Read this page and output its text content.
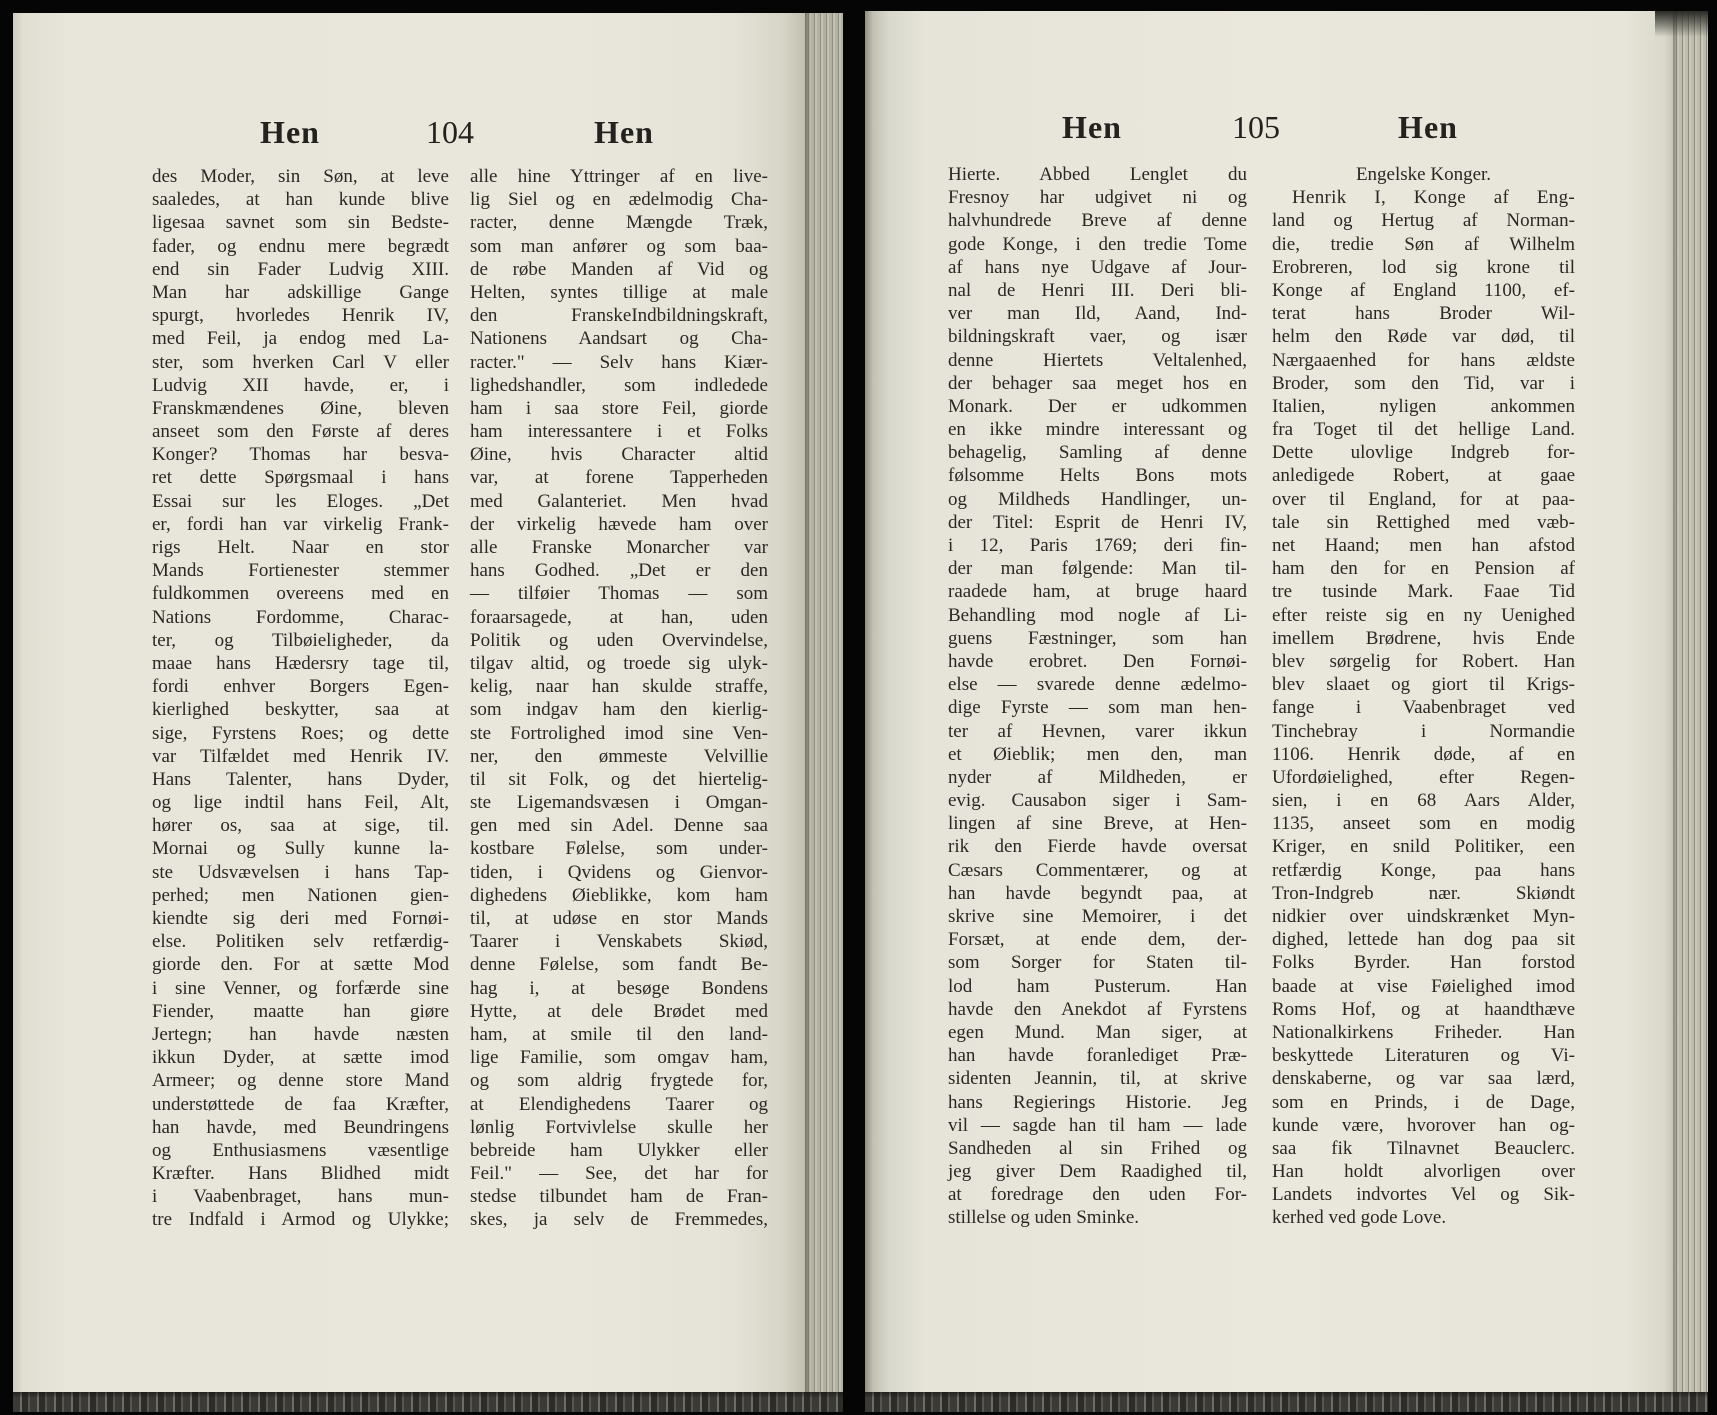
Hen	104	Hen
des Moder, sin Søn, at leve
saaledes, at han kunde blive
ligesaa savnet som sin Bedste-
fader, og endnu mere begrædt
end sin Fader Ludvig XIII.
Man har adskillige Gange
spurgt, hvorledes Henrik IV,
med Feil, ja endog med La-
ster, som hverken Carl V eller
Ludvig XII havde, er, i
Franskmændenes Øine, bleven
anseet som den Første af deres
Konger? Thomas har besva-
ret dette Spørgsmaal i hans
Essai sur les Eloges. „Det
er, fordi han var virkelig Frank-
rigs Helt. Naar en stor
Mands Fortienester stemmer
fuldkommen overeens med en
Nations Fordomme, Charac-
ter, og Tilbøieligheder, da
maae hans Hædersry tage til,
fordi enhver Borgers Egen-
kierlighed beskytter, saa at
sige, Fyrstens Roes; og dette
var Tilfældet med Henrik IV.
Hans Talenter, hans Dyder,
og lige indtil hans Feil, Alt,
hører os, saa at sige, til.
Mornai og Sully kunne la-
ste Udsvævelsen i hans Tap-
perhed; men Nationen gien-
kiendte sig deri med Fornøi-
else. Politiken selv retfærdig-
giorde den. For at sætte Mod
i sine Venner, og forfærde sine
Fiender, maatte han giøre
Jertegn; han havde næsten
ikkun Dyder, at sætte imod
Armeer; og denne store Mand
understøttede de faa Kræfter,
han havde, med Beundringens
og Enthusiasmens væsentlige
Kræfter. Hans Blidhed midt
i Vaabenbraget, hans mun-
tre Indfald i Armod og Ulykke;
alle hine Yttringer af en live-
lig Siel og en ædelmodig Cha-
racter, denne Mængde Træk,
som man anfører og som baa-
de røbe Manden af Vid og
Helten, syntes tillige at male
den FranskeIndbildningskraft,
Nationens Aandsart og Cha-
racter." — Selv hans Kiær-
lighedshandler, som indledede
ham i saa store Feil, giorde
ham interessantere i et Folks
Øine, hvis Character altid
var, at forene Tapperheden
med Galanteriet. Men hvad
der virkelig hævede ham over
alle Franske Monarcher var
hans Godhed. „Det er den
— tilføier Thomas — som
foraarsagede, at han, uden
Politik og uden Overvindelse,
tilgav altid, og troede sig ulyk-
kelig, naar han skulde straffe,
som indgav ham den kierlig-
ste Fortrolighed imod sine Ven-
ner, den ømmeste Velvillie
til sit Folk, og det hiertelig-
ste Ligemandsvæsen i Omgan-
gen med sin Adel. Denne saa
kostbare Følelse, som under-
tiden, i Qvidens og Gienvor-
dighedens Øieblikke, kom ham
til, at udøse en stor Mands
Taarer i Venskabets Skiød,
denne Følelse, som fandt Be-
hag i, at besøge Bondens
Hytte, at dele Brødet med
ham, at smile til den land-
lige Familie, som omgav ham,
og som aldrig frygtede for,
at Elendighedens Taarer og
lønlig Fortvivlelse skulle her
bebreide ham Ulykker eller
Feil." — See, det har for
stedse tilbundet ham de Fran-
skes, ja selv de Fremmedes,
Hen	105	Hen
Hierte. Abbed Lenglet du
Fresnoy har udgivet ni og
halvhundrede Breve af denne
gode Konge, i den tredie Tome
af hans nye Udgave af Jour-
nal de Henri III. Deri bli-
ver man Ild, Aand, Ind-
bildningskraft vaer, og især
denne Hiertets Veltalenhed,
der behager saa meget hos en
Monark. Der er udkommen
en ikke mindre interessant og
behagelig, Samling af denne
følsomme Helts Bons mots
og Mildheds Handlinger, un-
der Titel: Esprit de Henri IV,
i 12, Paris 1769; deri fin-
der man følgende: Man til-
raadede ham, at bruge haard
Behandling mod nogle af Li-
guens Fæstninger, som han
havde erobret. Den Fornøi-
else — svarede denne ædelmo-
dige Fyrste — som man hen-
ter af Hevnen, varer ikkun
et Øieblik; men den, man
nyder af Mildheden, er
evig. Causabon siger i Sam-
lingen af sine Breve, at Hen-
rik den Fierde havde oversat
Cæsars Commentærer, og at
han havde begyndt paa, at
skrive sine Memoirer, i det
Forsæt, at ende dem, der-
som Sorger for Staten til-
lod ham Pusterum. Han
havde den Anekdot af Fyrstens
egen Mund. Man siger, at
han havde foranlediget Præ-
sidenten Jeannin, til, at skrive
hans Regierings Historie. Jeg
vil — sagde han til ham — lade
Sandheden al sin Frihed og
jeg giver Dem Raadighed til,
at foredrage den uden For-
stillelse og uden Sminke.
Engelske Konger.
Henrik I, Konge af Eng-
land og Hertug af Norman-
die, tredie Søn af Wilhelm
Erobreren, lod sig krone til
Konge af England 1100, ef-
terat hans Broder Wil-
helm den Røde var død, til
Nærgaaenhed for hans ældste
Broder, som den Tid, var i
Italien, nyligen ankommen
fra Toget til det hellige Land.
Dette ulovlige Indgreb for-
anledigede Robert, at gaae
over til England, for at paa-
tale sin Rettighed med væb-
net Haand; men han afstod
ham den for en Pension af
tre tusinde Mark. Faae Tid
efter reiste sig en ny Uenighed
imellem Brødrene, hvis Ende
blev sørgelig for Robert. Han
blev slaaet og giort til Krigs-
fange i Vaabenbraget ved
Tinchebray i Normandie
1106. Henrik døde, af en
Ufordøielighed, efter Regen-
sien, i en 68 Aars Alder,
1135, anseet som en modig
Kriger, en snild Politiker, een
retfærdig Konge, paa hans
Tron-Indgreb nær. Skiøndt
nidkier over uindskrænket Myn-
dighed, lettede han dog paa sit
Folks Byrder. Han forstod
baade at vise Føielighed imod
Roms Hof, og at haandthæve
Nationalkirkens Friheder. Han
beskyttede Literaturen og Vi-
denskaberne, og var saa lærd,
som en Prinds, i de Dage,
kunde være, hvorover han og-
saa fik Tilnavnet Beauclerc.
Han holdt alvorligen over
Landets indvortes Vel og Sik-
kerhed ved gode Love.
